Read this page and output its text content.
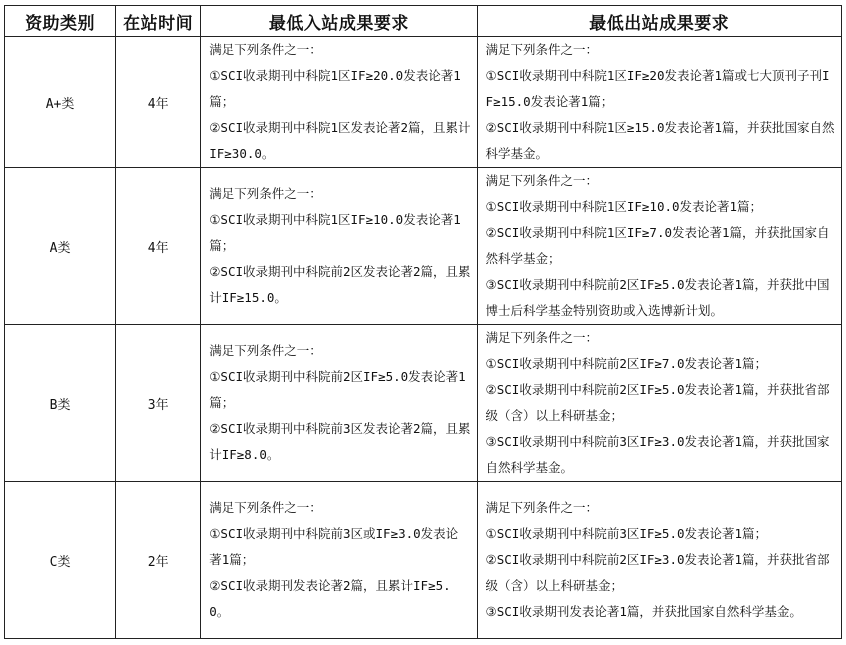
资助类别	在站时间	最低入站成果要求	最低出站成果要求
A+类	4年	满足下列条件之一：
①SCI收录期刊中科院1区IF≥20.0发表论著1篇；
②SCI收录期刊中科院1区发表论著2篇，且累计IF≥30.0。	满足下列条件之一：
①SCI收录期刊中科院1区IF≥20发表论著1篇或七大顶刊子刊IF≥15.0发表论著1篇；
②SCI收录期刊中科院1区≥15.0发表论著1篇，并获批国家自然科学基金。

A类	4年	满足下列条件之一：
①SCI收录期刊中科院1区IF≥10.0发表论著1篇；
②SCI收录期刊中科院前2区发表论著2篇，且累计IF≥15.0。	满足下列条件之一：
①SCI收录期刊中科院1区IF≥10.0发表论著1篇；
②SCI收录期刊中科院1区IF≥7.0发表论著1篇，并获批国家自然科学基金；
③SCI收录期刊中科院前2区IF≥5.0发表论著1篇，并获批中国博士后科学基金特别资助或入选博新计划。

B类	3年	满足下列条件之一：
①SCI收录期刊中科院前2区IF≥5.0发表论著1篇；
②SCI收录期刊中科院前3区发表论著2篇，且累计IF≥8.0。	满足下列条件之一：
①SCI收录期刊中科院前2区IF≥7.0发表论著1篇；
②SCI收录期刊中科院前2区IF≥5.0发表论著1篇，并获批省部级（含）以上科研基金；
③SCI收录期刊中科院前3区IF≥3.0发表论著1篇，并获批国家自然科学基金。

C类	2年	满足下列条件之一：
①SCI收录期刊中科院前3区或IF≥3.0发表论著1篇；
②SCI收录期刊发表论著2篇，且累计IF≥5.0。	满足下列条件之一：
①SCI收录期刊中科院前3区IF≥5.0发表论著1篇；
②SCI收录期刊中科院前2区IF≥3.0发表论著1篇，并获批省部级（含）以上科研基金；
③SCI收录期刊发表论著1篇，并获批国家自然科学基金。
